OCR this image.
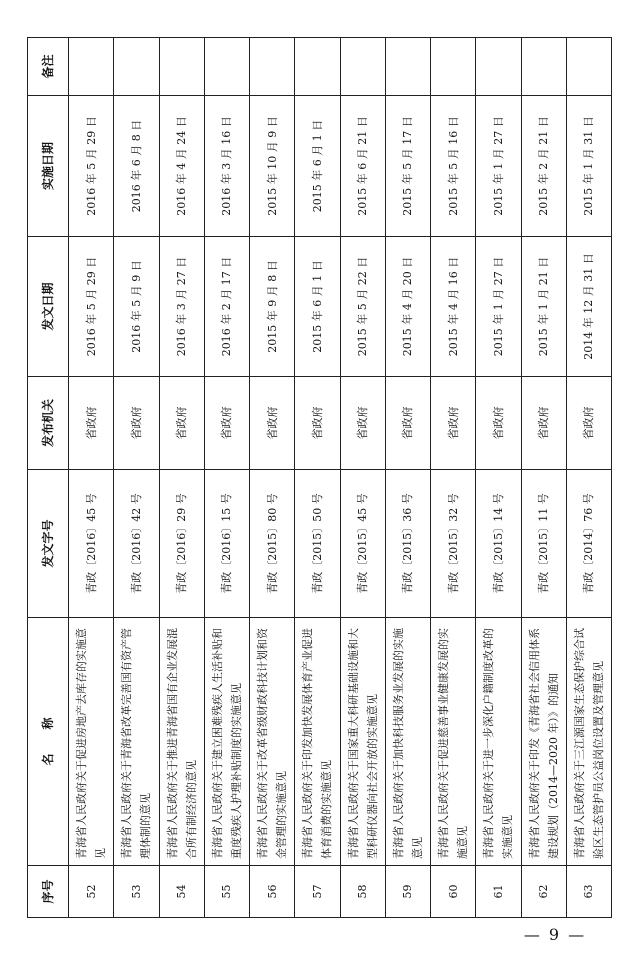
序号	名　　称	发文字号	发布机关	发文日期	实施日期	备注
52	青海省人民政府关于促进房地产去库存的实施意见	青政〔2016〕45 号	省政府	2016 年 5 月 29 日	2016 年 5 月 29 日	
53	青海省人民政府关于青海省改革完善国有资产管理体制的意见	青政〔2016〕42 号	省政府	2016 年 5 月 9 日	2016 年 6 月 8 日	
54	青海省人民政府关于推进青海省国有企业发展混合所有制经济的意见	青政〔2016〕29 号	省政府	2016 年 3 月 27 日	2016 年 4 月 24 日	
55	青海省人民政府关于建立困难残疾人生活补贴和重度残疾人护理补贴制度的实施意见	青政〔2016〕15 号	省政府	2016 年 2 月 17 日	2016 年 3 月 16 日	
56	青海省人民政府关于改革省级财政科技计划和资金管理的实施意见	青政〔2015〕80 号	省政府	2015 年 9 月 8 日	2015 年 10 月 9 日	
57	青海省人民政府关于印发加快发展体育产业促进体育消费的实施意见	青政〔2015〕50 号	省政府	2015 年 6 月 1 日	2015 年 6 月 1 日	
58	青海省人民政府关于国家重大科研基础设施和大型科研仪器向社会开放的实施意见	青政〔2015〕45 号	省政府	2015 年 5 月 22 日	2015 年 6 月 21 日	
59	青海省人民政府关于加快科技服务业发展的实施意见	青政〔2015〕36 号	省政府	2015 年 4 月 20 日	2015 年 5 月 17 日	
60	青海省人民政府关于促进慈善事业健康发展的实施意见	青政〔2015〕32 号	省政府	2015 年 4 月 16 日	2015 年 5 月 16 日	
61	青海省人民政府关于进一步深化户籍制度改革的实施意见	青政〔2015〕14 号	省政府	2015 年 1 月 27 日	2015 年 1 月 27 日	
62	青海省人民政府关于印发《青海省社会信用体系建设规划（2014—2020 年）》的通知	青政〔2015〕11 号	省政府	2015 年 1 月 21 日	2015 年 2 月 21 日	
63	青海省人民政府关于三江源国家生态保护综合试验区生态管护员公益岗位设置及管理意见	青政〔2014〕76 号	省政府	2014 年 12 月 31 日	2015 年 1 月 31 日	
— 9 —
